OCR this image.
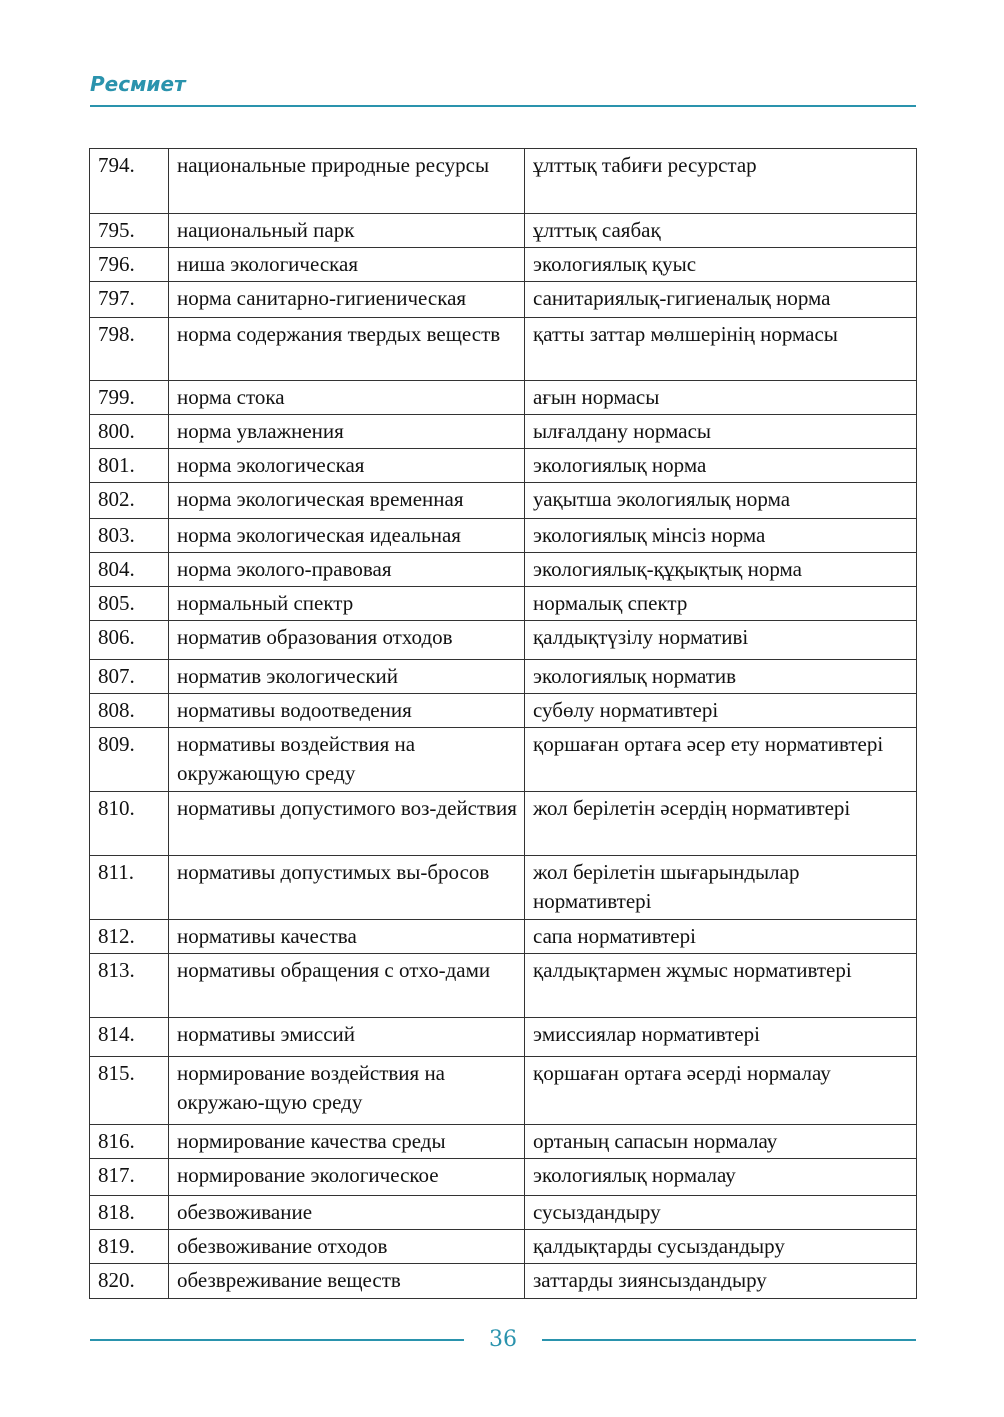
Ресмиет
794.	национальные природные ресурсы	ұлттық табиғи ресурстар
795.	национальный парк	ұлттық саябақ
796.	ниша экологическая	экологиялық қуыс
797.	норма санитарно-гигиеническая	санитариялық-гигиеналық норма
798.	норма содержания твердых веществ	қатты заттар мөлшерінің нормасы
799.	норма стока	ағын нормасы
800.	норма увлажнения	ылғалдану нормасы
801.	норма экологическая	экологиялық норма
802.	норма экологическая временная	уақытша экологиялық норма
803.	норма экологическая идеальная	экологиялық мінсіз норма
804.	норма эколого-правовая	экологиялық-құқықтық норма
805.	нормальный спектр	нормалық спектр
806.	норматив образования отходов	қалдықтүзілу нормативі
807.	норматив экологический	экологиялық норматив
808.	нормативы водоотведения	субөлу нормативтері
809.	нормативы воздействия на окружающую среду	қоршаған ортаға әсер ету нормативтері
810.	нормативы допустимого воз-действия	жол берілетін әсердің нормативтері
811.	нормативы допустимых вы-бросов	жол берілетін шығарындылар нормативтері
812.	нормативы качества	сапа нормативтері
813.	нормативы обращения с отхо-дами	қалдықтармен жұмыс нормативтері
814.	нормативы эмиссий	эмиссиялар нормативтері
815.	нормирование воздействия на окружаю-щую среду	қоршаған ортаға әсерді нормалау
816.	нормирование качества среды	ортаның сапасын нормалау
817.	нормирование экологическое	экологиялық нормалау
818.	обезвоживание	сусыздандыру
819.	обезвоживание отходов	қалдықтарды сусыздандыру
820.	обезвреживание веществ	заттарды зиянсыздандыру
36
